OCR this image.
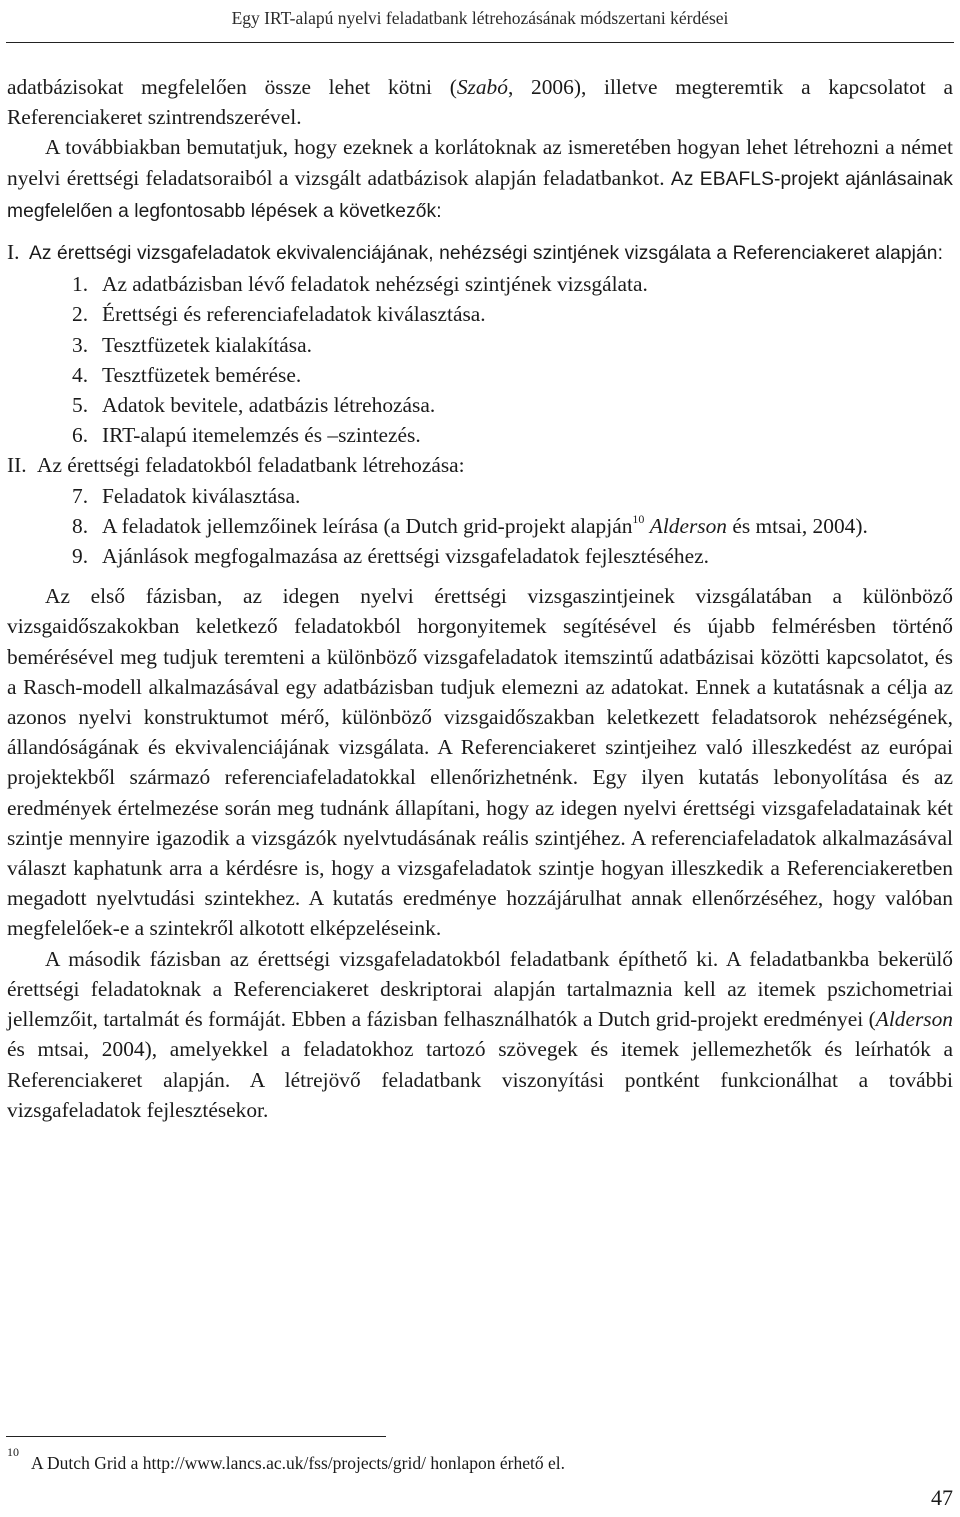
Egy IRT-alapú nyelvi feladatbank létrehozásának módszertani kérdései

adatbázisokat megfelelően össze lehet kötni (Szabó, 2006), illetve megteremtik a kapcsolatot a Referenciakeret szintrendszerével.

A továbbiakban bemutatjuk, hogy ezeknek a korlátoknak az ismeretében hogyan lehet létrehozni a német nyelvi érettségi feladatsoraiból a vizsgált adatbázisok alapján feladatbankot. Az EBAFLS-projekt ajánlásainak megfelelően a legfontosabb lépések a következők:

I. Az érettségi vizsgafeladatok ekvivalenciájának, nehézségi szintjének vizsgálata a Referenciakeret alapján:
1. Az adatbázisban lévő feladatok nehézségi szintjének vizsgálata.
2. Érettségi és referenciafeladatok kiválasztása.
3. Tesztfüzetek kialakítása.
4. Tesztfüzetek bemérése.
5. Adatok bevitele, adatbázis létrehozása.
6. IRT-alapú itemelemzés és –szintezés.
II. Az érettségi feladatokból feladatbank létrehozása:
7. Feladatok kiválasztása.
8. A feladatok jellemzőinek leírása (a Dutch grid-projekt alapján$^{10}$ Alderson és mtsai, 2004).
9. Ajánlások megfogalmazása az érettségi vizsgafeladatok fejlesztéséhez.

Az első fázisban, az idegen nyelvi érettségi vizsgaszintjeinek vizsgálatában a különböző vizsgaidőszakokban keletkező feladatokból horgonyitemek segítésével és újabb felmérésben történő bemérésével meg tudjuk teremteni a különböző vizsgafeladatok itemszintű adatbázisai közötti kapcsolatot, és a Rasch-modell alkalmazásával egy adatbázisban tudjuk elemezni az adatokat. Ennek a kutatásnak a célja az azonos nyelvi konstruktumot mérő, különböző vizsgaidőszakban keletkezett feladatsorok nehézségének, állandóságának és ekvivalenciájának vizsgálata. A Referenciakeret szintjeihez való illeszkedést az európai projektekből származó referenciafeladatokkal ellenőrizhetnénk. Egy ilyen kutatás lebonyolítása és az eredmények értelmezése során meg tudnánk állapítani, hogy az idegen nyelvi érettségi vizsgafeladatainak két szintje mennyire igazodik a vizsgázók nyelvtudásának reális szintjéhez. A referenciafeladatok alkalmazásával választ kaphatunk arra a kérdésre is, hogy a vizsgafeladatok szintje hogyan illeszkedik a Referenciakeretben megadott nyelvtudási szintekhez. A kutatás eredménye hozzájárulhat annak ellenőrzéséhez, hogy valóban megfelelőek-e a szintekről alkotott elképzeléseink.

A második fázisban az érettségi vizsgafeladatokból feladatbank építhető ki. A feladatbankba bekerülő érettségi feladatoknak a Referenciakeret deskriptorai alapján tartalmaznia kell az itemek pszichometriai jellemzőit, tartalmát és formáját. Ebben a fázisban felhasználhatók a Dutch grid-projekt eredményei (Alderson és mtsai, 2004), amelyekkel a feladatokhoz tartozó szövegek és itemek jellemezhetők és leírhatók a Referenciakeret alapján. A létrejövő feladatbank viszonyítási pontként funkcionálhat a további vizsgafeladatok fejlesztésekor.

$^{10}$A Dutch Grid a http://www.lancs.ac.uk/fss/projects/grid/ honlapon érhető el.
47
